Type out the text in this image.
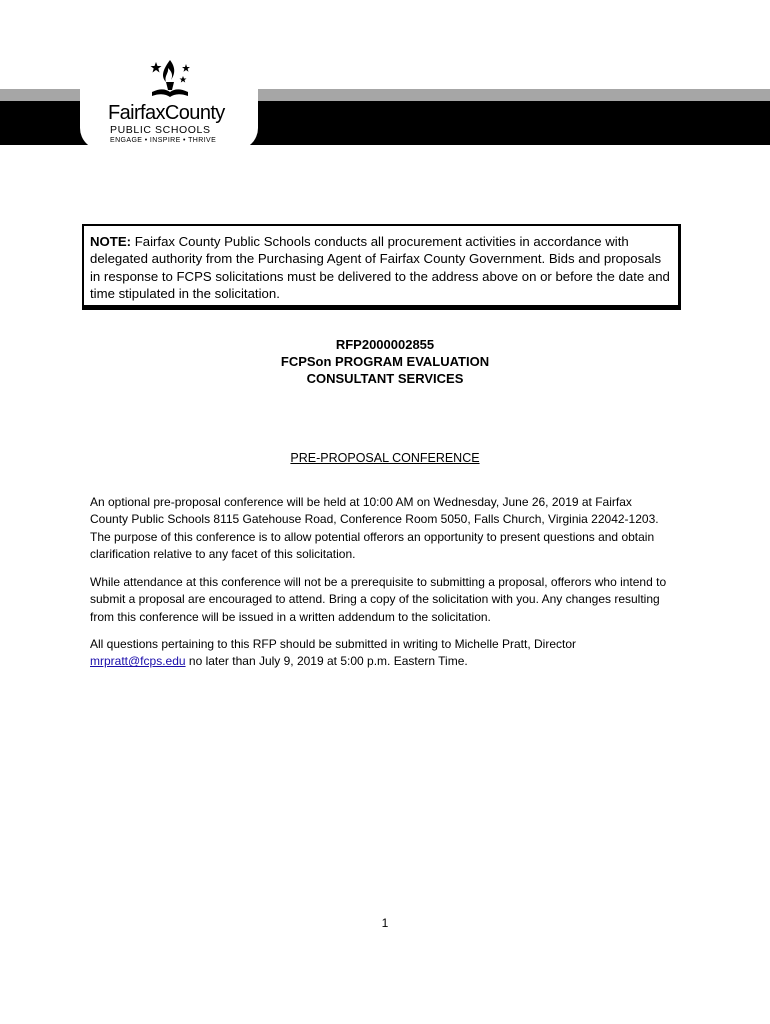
FairfaxCounty
PUBLIC SCHOOLS
ENGAGE • INSPIRE • THRIVE
NOTE: Fairfax County Public Schools conducts all procurement activities in accordance with delegated authority from the Purchasing Agent of Fairfax County Government. Bids and proposals in response to FCPS solicitations must be delivered to the address above on or before the date and time stipulated in the solicitation.
RFP2000002855
FCPSon PROGRAM EVALUATION
CONSULTANT SERVICES
PRE-PROPOSAL CONFERENCE

An optional pre-proposal conference will be held at 10:00 AM on Wednesday, June 26, 2019 at Fairfax County Public Schools 8115 Gatehouse Road, Conference Room 5050, Falls Church, Virginia 22042-1203. The purpose of this conference is to allow potential offerors an opportunity to present questions and obtain clarification relative to any facet of this solicitation.

While attendance at this conference will not be a prerequisite to submitting a proposal, offerors who intend to submit a proposal are encouraged to attend. Bring a copy of the solicitation with you. Any changes resulting from this conference will be issued in a written addendum to the solicitation.

All questions pertaining to this RFP should be submitted in writing to Michelle Pratt, Director mrpratt@fcps.edu no later than July 9, 2019 at 5:00 p.m. Eastern Time.

1
